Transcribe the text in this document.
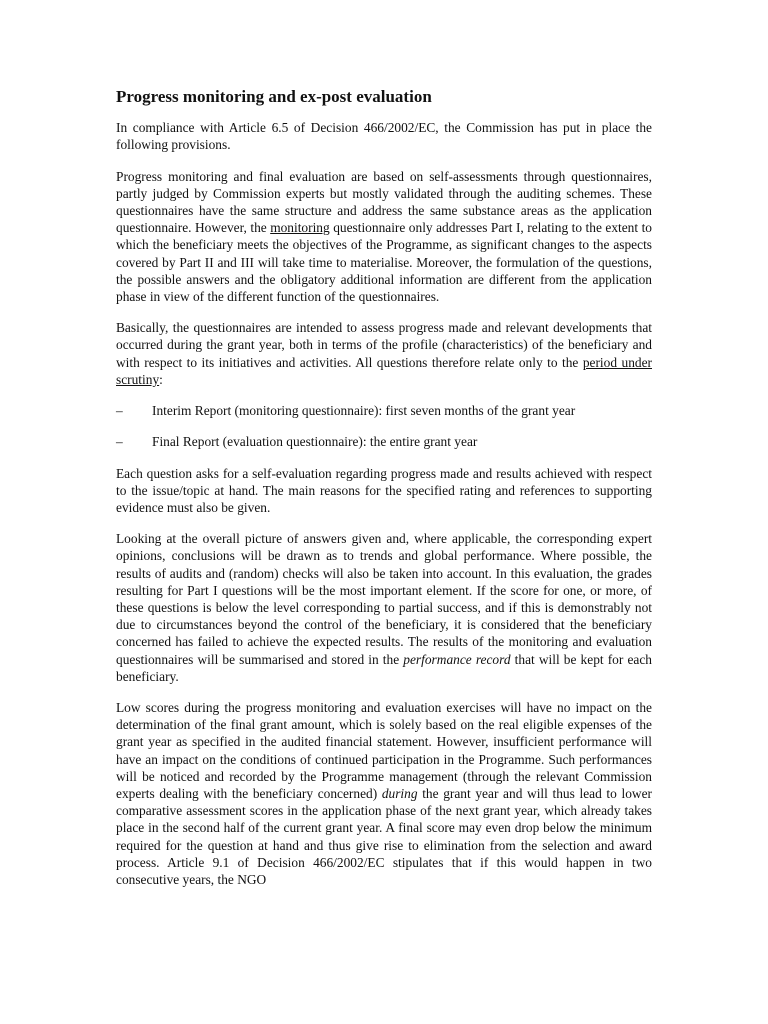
Progress monitoring and ex-post evaluation

In compliance with Article 6.5 of Decision 466/2002/EC, the Commission has put in place the following provisions.

Progress monitoring and final evaluation are based on self-assessments through questionnaires, partly judged by Commission experts but mostly validated through the auditing schemes. These questionnaires have the same structure and address the same substance areas as the application questionnaire. However, the monitoring questionnaire only addresses Part I, relating to the extent to which the beneficiary meets the objectives of the Programme, as significant changes to the aspects covered by Part II and III will take time to materialise. Moreover, the formulation of the questions, the possible answers and the obligatory additional information are different from the application phase in view of the different function of the questionnaires.

Basically, the questionnaires are intended to assess progress made and relevant developments that occurred during the grant year, both in terms of the profile (characteristics) of the beneficiary and with respect to its initiatives and activities. All questions therefore relate only to the period under scrutiny:

–	Interim Report (monitoring questionnaire): first seven months of the grant year
–	Final Report (evaluation questionnaire): the entire grant year

Each question asks for a self-evaluation regarding progress made and results achieved with respect to the issue/topic at hand. The main reasons for the specified rating and references to supporting evidence must also be given.

Looking at the overall picture of answers given and, where applicable, the corresponding expert opinions, conclusions will be drawn as to trends and global performance. Where possible, the results of audits and (random) checks will also be taken into account. In this evaluation, the grades resulting for Part I questions will be the most important element. If the score for one, or more, of these questions is below the level corresponding to partial success, and if this is demonstrably not due to circumstances beyond the control of the beneficiary, it is considered that the beneficiary concerned has failed to achieve the expected results. The results of the monitoring and evaluation questionnaires will be summarised and stored in the performance record that will be kept for each beneficiary.

Low scores during the progress monitoring and evaluation exercises will have no impact on the determination of the final grant amount, which is solely based on the real eligible expenses of the grant year as specified in the audited financial statement. However, insufficient performance will have an impact on the conditions of continued participation in the Programme. Such performances will be noticed and recorded by the Programme management (through the relevant Commission experts dealing with the beneficiary concerned) during the grant year and will thus lead to lower comparative assessment scores in the application phase of the next grant year, which already takes place in the second half of the current grant year. A final score may even drop below the minimum required for the question at hand and thus give rise to elimination from the selection and award process. Article 9.1 of Decision 466/2002/EC stipulates that if this would happen in two consecutive years, the NGO
